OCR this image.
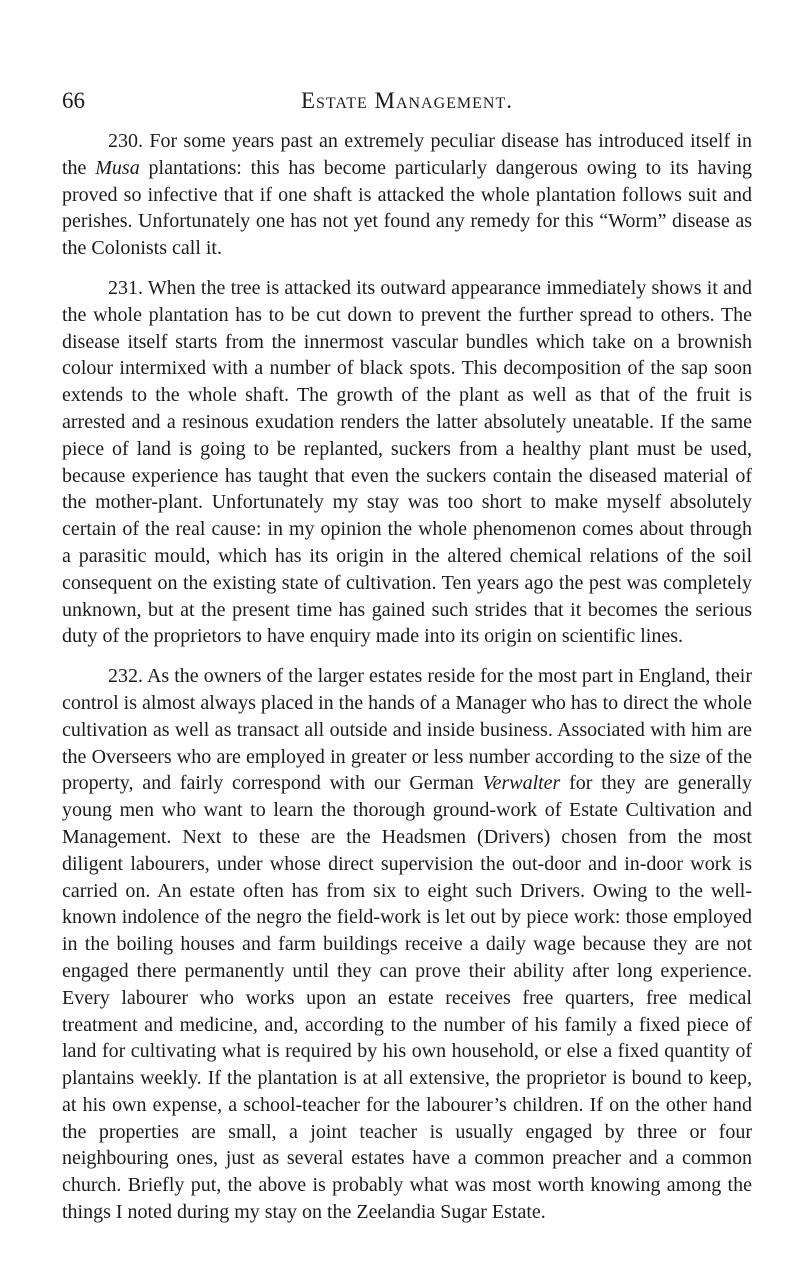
66	Estate Management.

230. For some years past an extremely peculiar disease has introduced itself in the Musa plantations: this has become particularly dangerous owing to its having proved so infective that if one shaft is attacked the whole plantation follows suit and perishes. Unfortunately one has not yet found any remedy for this “Worm” disease as the Colonists call it.

231. When the tree is attacked its outward appearance immediately shows it and the whole plantation has to be cut down to prevent the further spread to others. The disease itself starts from the innermost vascular bundles which take on a brownish colour intermixed with a number of black spots. This decomposition of the sap soon extends to the whole shaft. The growth of the plant as well as that of the fruit is arrested and a resinous exudation renders the latter absolutely uneatable. If the same piece of land is going to be replanted, suckers from a healthy plant must be used, because experience has taught that even the suckers contain the diseased material of the mother-plant. Unfortunately my stay was too short to make myself absolutely certain of the real cause: in my opinion the whole phenomenon comes about through a parasitic mould, which has its origin in the altered chemical relations of the soil consequent on the existing state of cultivation. Ten years ago the pest was completely unknown, but at the present time has gained such strides that it becomes the serious duty of the proprietors to have enquiry made into its origin on scientific lines.

232. As the owners of the larger estates reside for the most part in England, their control is almost always placed in the hands of a Manager who has to direct the whole cultivation as well as transact all outside and inside business. Associated with him are the Overseers who are employed in greater or less number according to the size of the property, and fairly correspond with our German Verwalter for they are generally young men who want to learn the thorough ground-work of Estate Cultivation and Management. Next to these are the Headsmen (Drivers) chosen from the most diligent labourers, under whose direct supervision the out-door and in-door work is carried on. An estate often has from six to eight such Drivers. Owing to the well-known indolence of the negro the field-work is let out by piece work: those employed in the boiling houses and farm buildings receive a daily wage because they are not engaged there permanently until they can prove their ability after long experience. Every labourer who works upon an estate receives free quarters, free medical treatment and medicine, and, according to the number of his family a fixed piece of land for cultivating what is required by his own household, or else a fixed quantity of plantains weekly. If the plantation is at all extensive, the proprietor is bound to keep, at his own expense, a school-teacher for the labourer’s children. If on the other hand the properties are small, a joint teacher is usually engaged by three or four neighbouring ones, just as several estates have a common preacher and a common church. Briefly put, the above is probably what was most worth knowing among the things I noted during my stay on the Zeelandia Sugar Estate.
